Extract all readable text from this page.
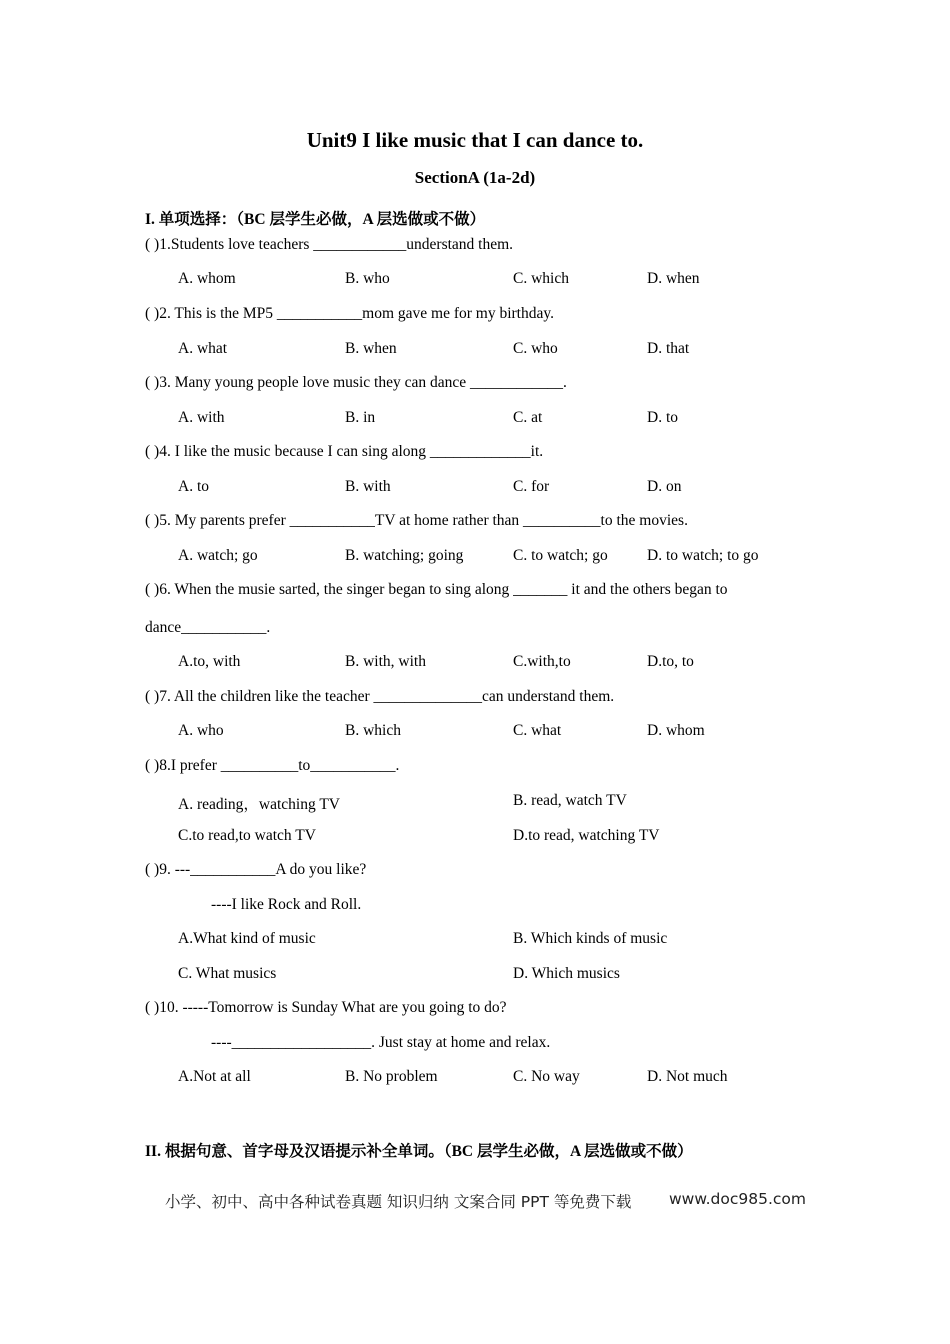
Unit9 I like music that I can dance to.
SectionA (1a-2d)
I. 单项选择：（BC 层学生必做，A 层选做或不做）
( )1.Students love teachers ____________understand them.
A. whom	B. who	C. which	D. when
( )2. This is the MP5 ___________mom gave me for my birthday.
A. what	B. when	C. who	D. that
( )3. Many young people love music they can dance ____________.
A. with	B. in	C. at	D. to
( )4. I like the music because I can sing along _____________it.
A. to	B. with	C. for	D. on
( )5. My parents prefer ___________TV at home rather than __________to the movies.
A. watch; go	B. watching; going	C. to watch; go	D. to watch; to go
( )6. When the musie sarted, the singer began to sing along _______ it and the others began to
dance___________.
A.to, with	B. with, with	C.with,to	D.to, to
( )7. All the children like the teacher ______________can understand them.
A. who	B. which	C. what	D. whom
( )8.I prefer __________to___________.
A. reading，watching TV	B. read, watch TV
C.to read,to watch TV	D.to read, watching TV
( )9. ---___________A do you like?
----I like Rock and Roll.
A.What kind of music	B. Which kinds of music
C. What musics	D. Which musics
( )10. -----Tomorrow is Sunday What are you going to do?
----__________________. Just stay at home and relax.
A.Not at all	B. No problem	C. No way	D. Not much
II. 根据句意、首字母及汉语提示补全单词。（BC 层学生必做，A 层选做或不做）
小学、初中、高中各种试卷真题 知识归纳 文案合同 PPT 等免费下载 www.doc985.com
